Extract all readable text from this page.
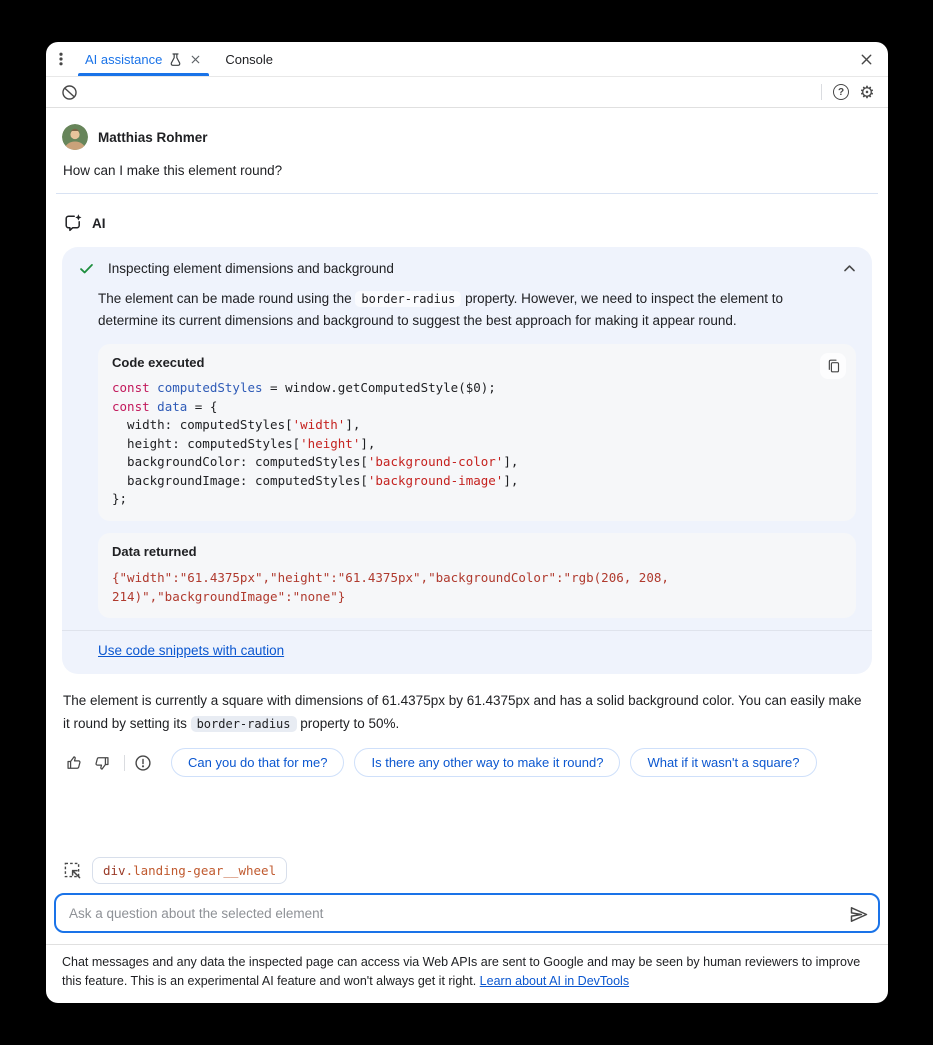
AI assistance	Console
? ⚙
Matthias Rohmer
How can I make this element round?
AI
Inspecting element dimensions and background

The element can be made round using the border-radius property. However, we need to inspect the element to determine its current dimensions and background to suggest the best approach for making it appear round.

Code executed
const computedStyles = window.getComputedStyle($0);
const data = {
width: computedStyles['width'],
height: computedStyles['height'],
backgroundColor: computedStyles['background-color'],
backgroundImage: computedStyles['background-image'],
};
Data returned
{"width":"61.4375px","height":"61.4375px","backgroundColor":"rgb(206, 208, 214)","backgroundImage":"none"}
Use code snippets with caution

The element is currently a square with dimensions of 61.4375px by 61.4375px and has a solid background color. You can easily make it round by setting its border-radius property to 50%.

Can you do that for me?	Is there any other way to make it round?	What if it wasn't a square?
div.landing-gear__wheel
Ask a question about the selected element
Chat messages and any data the inspected page can access via Web APIs are sent to Google and may be seen by human reviewers to improve this feature. This is an experimental AI feature and won't always get it right. Learn about AI in DevTools
